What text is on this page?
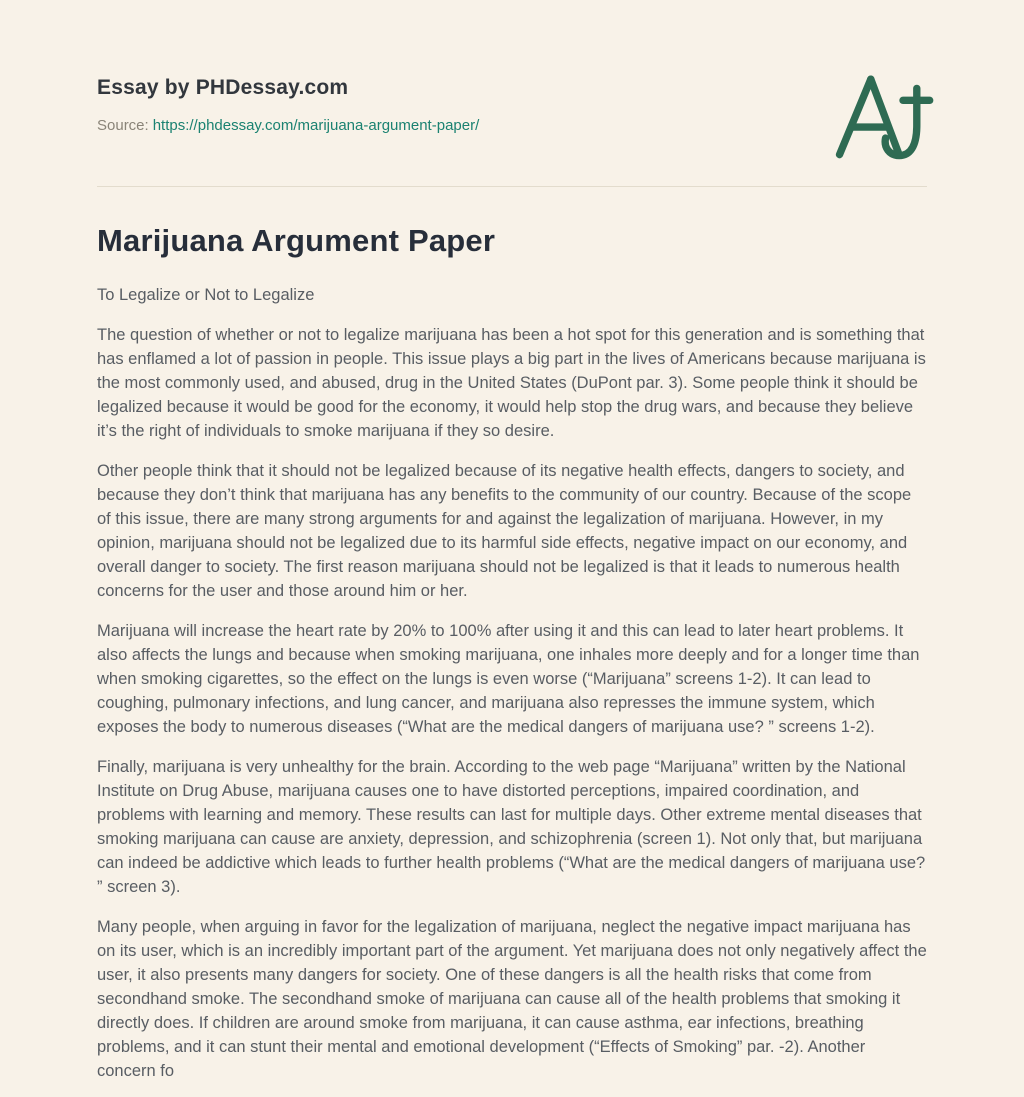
Essay by PHDessay.com
Source: https://phdessay.com/marijuana-argument-paper/
Marijuana Argument Paper

To Legalize or Not to Legalize

The question of whether or not to legalize marijuana has been a hot spot for this generation and is something that has enflamed a lot of passion in people. This issue plays a big part in the lives of Americans because marijuana is the most commonly used, and abused, drug in the United States (DuPont par. 3). Some people think it should be legalized because it would be good for the economy, it would help stop the drug wars, and because they believe it’s the right of individuals to smoke marijuana if they so desire.

Other people think that it should not be legalized because of its negative health effects, dangers to society, and because they don’t think that marijuana has any benefits to the community of our country. Because of the scope of this issue, there are many strong arguments for and against the legalization of marijuana. However, in my opinion, marijuana should not be legalized due to its harmful side effects, negative impact on our economy, and overall danger to society. The first reason marijuana should not be legalized is that it leads to numerous health concerns for the user and those around him or her.

Marijuana will increase the heart rate by 20% to 100% after using it and this can lead to later heart problems. It also affects the lungs and because when smoking marijuana, one inhales more deeply and for a longer time than when smoking cigarettes, so the effect on the lungs is even worse (“Marijuana” screens 1-2). It can lead to coughing, pulmonary infections, and lung cancer, and marijuana also represses the immune system, which exposes the body to numerous diseases (“What are the medical dangers of marijuana use? ” screens 1-2).

Finally, marijuana is very unhealthy for the brain. According to the web page “Marijuana” written by the National Institute on Drug Abuse, marijuana causes one to have distorted perceptions, impaired coordination, and problems with learning and memory. These results can last for multiple days. Other extreme mental diseases that smoking marijuana can cause are anxiety, depression, and schizophrenia (screen 1). Not only that, but marijuana can indeed be addictive which leads to further health problems (“What are the medical dangers of marijuana use? ” screen 3).

Many people, when arguing in favor for the legalization of marijuana, neglect the negative impact marijuana has on its user, which is an incredibly important part of the argument. Yet marijuana does not only negatively affect the user, it also presents many dangers for society. One of these dangers is all the health risks that come from secondhand smoke. The secondhand smoke of marijuana can cause all of the health problems that smoking it directly does. If children are around smoke from marijuana, it can cause asthma, ear infections, breathing problems, and it can stunt their mental and emotional development (“Effects of Smoking” par. -2). Another concern fo
